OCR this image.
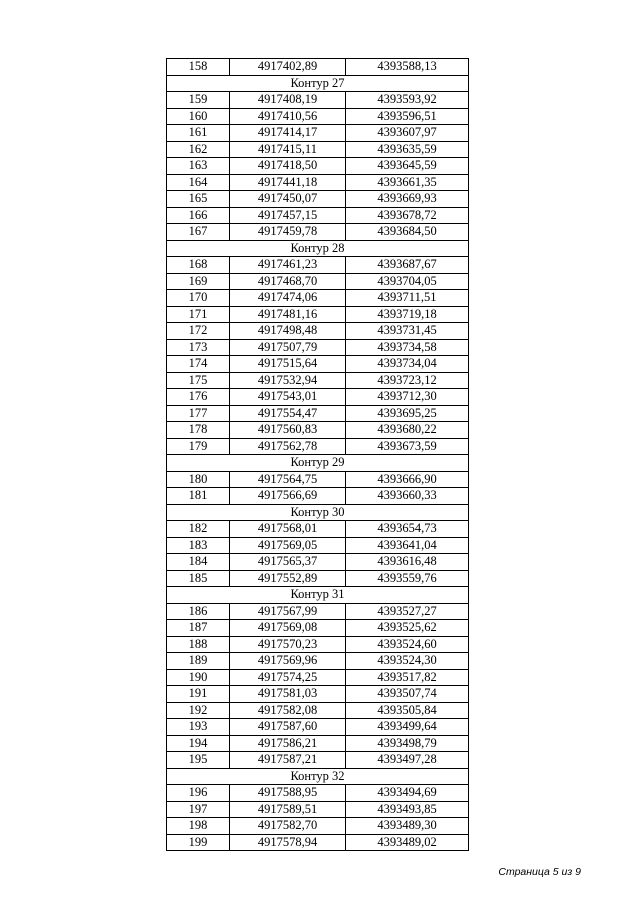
158	4917402,89	4393588,13
Контур 27		
159	4917408,19	4393593,92
160	4917410,56	4393596,51
161	4917414,17	4393607,97
162	4917415,11	4393635,59
163	4917418,50	4393645,59
164	4917441,18	4393661,35
165	4917450,07	4393669,93
166	4917457,15	4393678,72
167	4917459,78	4393684,50
Контур 28		
168	4917461,23	4393687,67
169	4917468,70	4393704,05
170	4917474,06	4393711,51
171	4917481,16	4393719,18
172	4917498,48	4393731,45
173	4917507,79	4393734,58
174	4917515,64	4393734,04
175	4917532,94	4393723,12
176	4917543,01	4393712,30
177	4917554,47	4393695,25
178	4917560,83	4393680,22
179	4917562,78	4393673,59
Контур 29		
180	4917564,75	4393666,90
181	4917566,69	4393660,33
Контур 30		
182	4917568,01	4393654,73
183	4917569,05	4393641,04
184	4917565,37	4393616,48
185	4917552,89	4393559,76
Контур 31		
186	4917567,99	4393527,27
187	4917569,08	4393525,62
188	4917570,23	4393524,60
189	4917569,96	4393524,30
190	4917574,25	4393517,82
191	4917581,03	4393507,74
192	4917582,08	4393505,84
193	4917587,60	4393499,64
194	4917586,21	4393498,79
195	4917587,21	4393497,28
Контур 32		
196	4917588,95	4393494,69
197	4917589,51	4393493,85
198	4917582,70	4393489,30
199	4917578,94	4393489,02
Страница 5 из 9
